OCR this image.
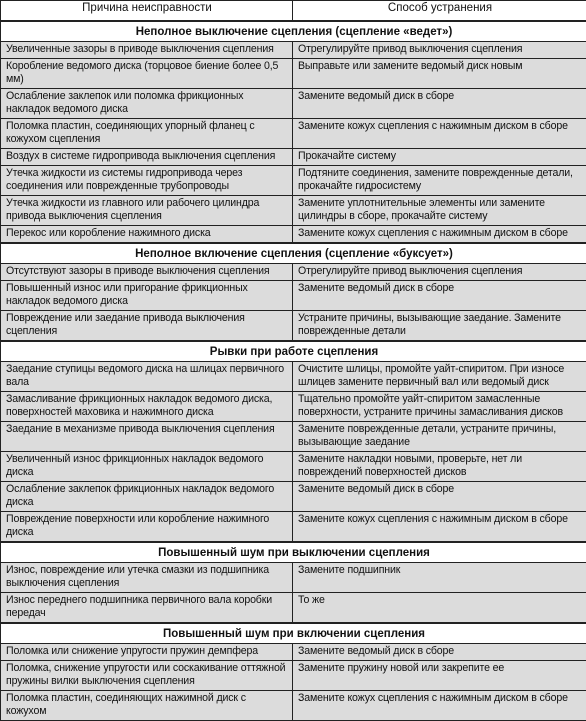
Причина неисправности	Способ устранения
Неполное выключение сцепления (сцепление «ведет»)	
Увеличенные зазоры в приводе выключения сцепления	Отрегулируйте привод выключения сцепления
Коробление ведомого диска (торцовое биение более 0,5 мм)	Выправьте или замените ведомый диск новым
Ослабление заклепок или поломка фрикционных накладок ведомого диска	Замените ведомый диск в сборе
Поломка пластин, соединяющих упорный фланец с кожухом сцепления	Замените кожух сцепления с нажимным диском в сборе
Воздух в системе гидропривода выключения сцепления	Прокачайте систему
Утечка жидкости из системы гидропривода через соединения или поврежденные трубопроводы	Подтяните соединения, замените поврежденные детали, прокачайте гидросистему
Утечка жидкости из главного или рабочего цилиндра привода выключения сцепления	Замените уплотнительные элементы или замените цилиндры в сборе, прокачайте систему
Перекос или коробление нажимного диска	Замените кожух сцепления с нажимным диском в сборе
Неполное включение сцепления (сцепление «буксует»)	
Отсутствуют зазоры в приводе выключения сцепления	Отрегулируйте привод выключения сцепления
Повышенный износ или пригорание фрикционных накладок ведомого диска	Замените ведомый диск в сборе
Повреждение или заедание привода выключения сцепления	Устраните причины, вызывающие заедание. Замените поврежденные детали
Рывки при работе сцепления	
Заедание ступицы ведомого диска на шлицах первичного вала	Очистите шлицы, промойте уайт-спиритом. При износе шлицев замените первичный вал или ведомый диск
Замасливание фрикционных накладок ведомого диска, поверхностей маховика и нажимного диска	Тщательно промойте уайт-спиритом замасленные поверхности, устраните причины замасливания дисков
Заедание в механизме привода выключения сцепления	Замените поврежденные детали, устраните причины, вызывающие заедание
Увеличенный износ фрикционных накладок ведомого диска	Замените накладки новыми, проверьте, нет ли повреждений поверхностей дисков
Ослабление заклепок фрикционных накладок ведомого диска	Замените ведомый диск в сборе
Повреждение поверхности или коробление нажимного диска	Замените кожух сцепления с нажимным диском в сборе
Повышенный шум при выключении сцепления	
Износ, повреждение или утечка смазки из подшипника выключения сцепления	Замените подшипник
Износ переднего подшипника первичного вала коробки передач	То же
Повышенный шум при включении сцепления	
Поломка или снижение упругости пружин демпфера	Замените ведомый диск в сборе
Поломка, снижение упругости или соскакивание оттяжной пружины вилки выключения сцепления	Замените пружину новой или закрепите ее
Поломка пластин, соединяющих нажимной диск с кожухом	Замените кожух сцепления с нажимным диском в сборе
